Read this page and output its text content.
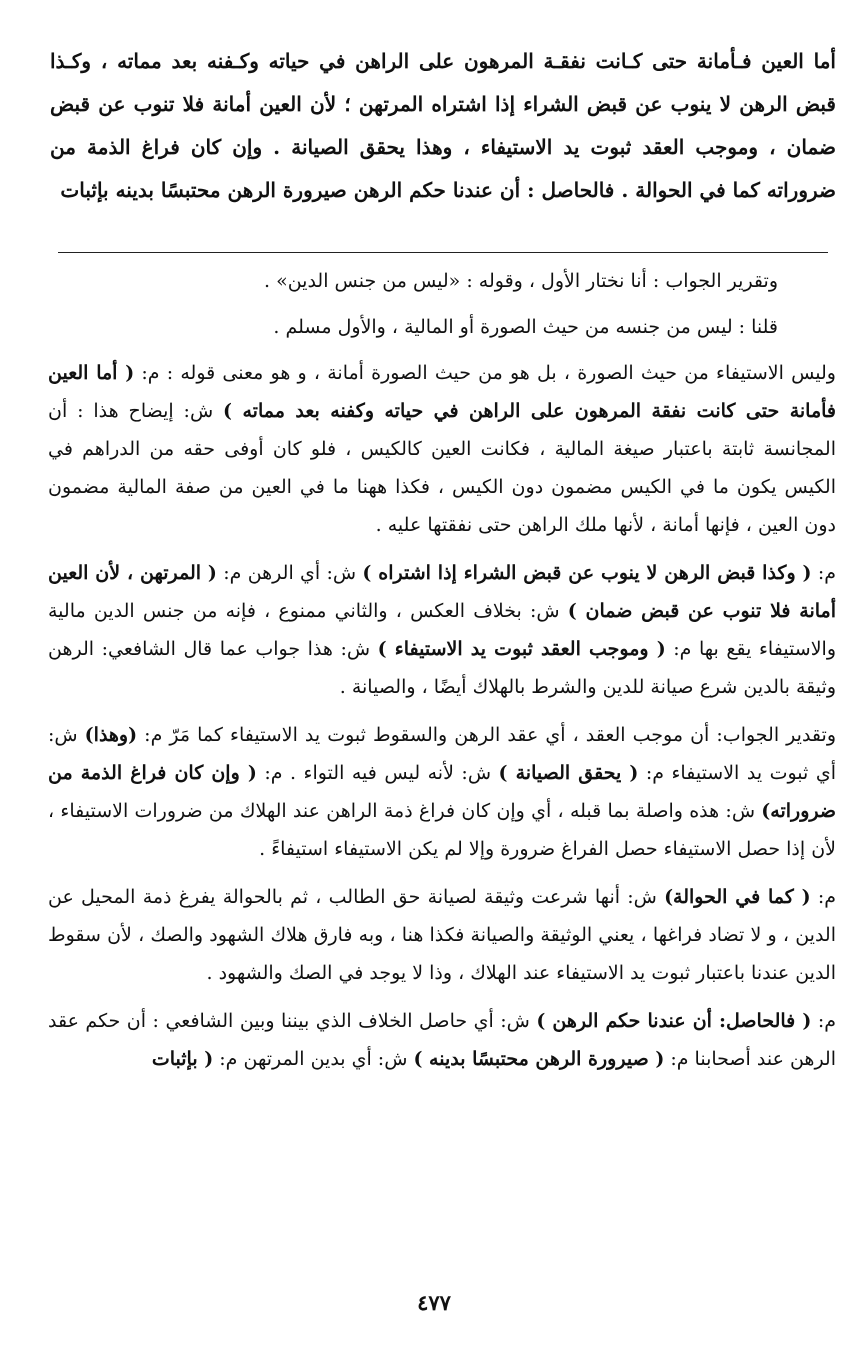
أما العين فـأمانة حتى كـانت نفقـة المرهون على الراهن في حياته وكـفنه بعد مماته ، وكـذا قبض الرهن لا ينوب عن قبض الشراء إذا اشتراه المرتهن ؛ لأن العين أمانة فلا تنوب عن قبض ضمان ، وموجب العقد ثبوت يد الاستيفاء ، وهذا يحقق الصيانة . وإن كان فراغ الذمة من ضروراته كما في الحوالة . فالحاصل : أن عندنا حكم الرهن صيرورة الرهن محتبسًا بدينه بإثبات

وتقرير الجواب : أنا نختار الأول ، وقوله : «ليس من جنس الدين» .

قلنا : ليس من جنسه من حيث الصورة أو المالية ، والأول مسلم .

وليس الاستيفاء من حيث الصورة ، بل هو من حيث الصورة أمانة ، و هو معنى قوله : م: ( أما العين فأمانة حتى كانت نفقة المرهون على الراهن في حياته وكفنه بعد مماته ) ش: إيضاح هذا : أن المجانسة ثابتة باعتبار صيغة المالية ، فكانت العين كالكيس ، فلو كان أوفى حقه من الدراهم في الكيس يكون ما في الكيس مضمون دون الكيس ، فكذا ههنا ما في العين من صفة المالية مضمون دون العين ، فإنها أمانة ، لأنها ملك الراهن حتى نفقتها عليه .

م: ( وكذا قبض الرهن لا ينوب عن قبض الشراء إذا اشتراه ) ش: أي الرهن م: ( المرتهن ، لأن العين أمانة فلا تنوب عن قبض ضمان ) ش: بخلاف العكس ، والثاني ممنوع ، فإنه من جنس الدين مالية والاستيفاء يقع بها م: ( وموجب العقد ثبوت يد الاستيفاء ) ش: هذا جواب عما قال الشافعي: الرهن وثيقة بالدين شرع صيانة للدين والشرط بالهلاك أيضًا ، والصيانة .

وتقدير الجواب: أن موجب العقد ، أي عقد الرهن والسقوط ثبوت يد الاستيفاء كما مَرّ م: (وهذا) ش: أي ثبوت يد الاستيفاء م: ( يحقق الصيانة ) ش: لأنه ليس فيه التواء . م: ( وإن كان فراغ الذمة من ضروراته) ش: هذه واصلة بما قبله ، أي وإن كان فراغ ذمة الراهن عند الهلاك من ضرورات الاستيفاء ، لأن إذا حصل الاستيفاء حصل الفراغ ضرورة وإلا لم يكن الاستيفاء استيفاءً .

م: ( كما في الحوالة) ش: أنها شرعت وثيقة لصيانة حق الطالب ، ثم بالحوالة يفرغ ذمة المحيل عن الدين ، و لا تضاد فراغها ، يعني الوثيقة والصيانة فكذا هنا ، وبه فارق هلاك الشهود والصك ، لأن سقوط الدين عندنا باعتبار ثبوت يد الاستيفاء عند الهلاك ، وذا لا يوجد في الصك والشهود .

م: ( فالحاصل: أن عندنا حكم الرهن ) ش: أي حاصل الخلاف الذي بيننا وبين الشافعي : أن حكم عقد الرهن عند أصحابنا م: ( صيرورة الرهن محتبسًا بدينه ) ش: أي بدين المرتهن م: ( بإثبات

٤٧٧
